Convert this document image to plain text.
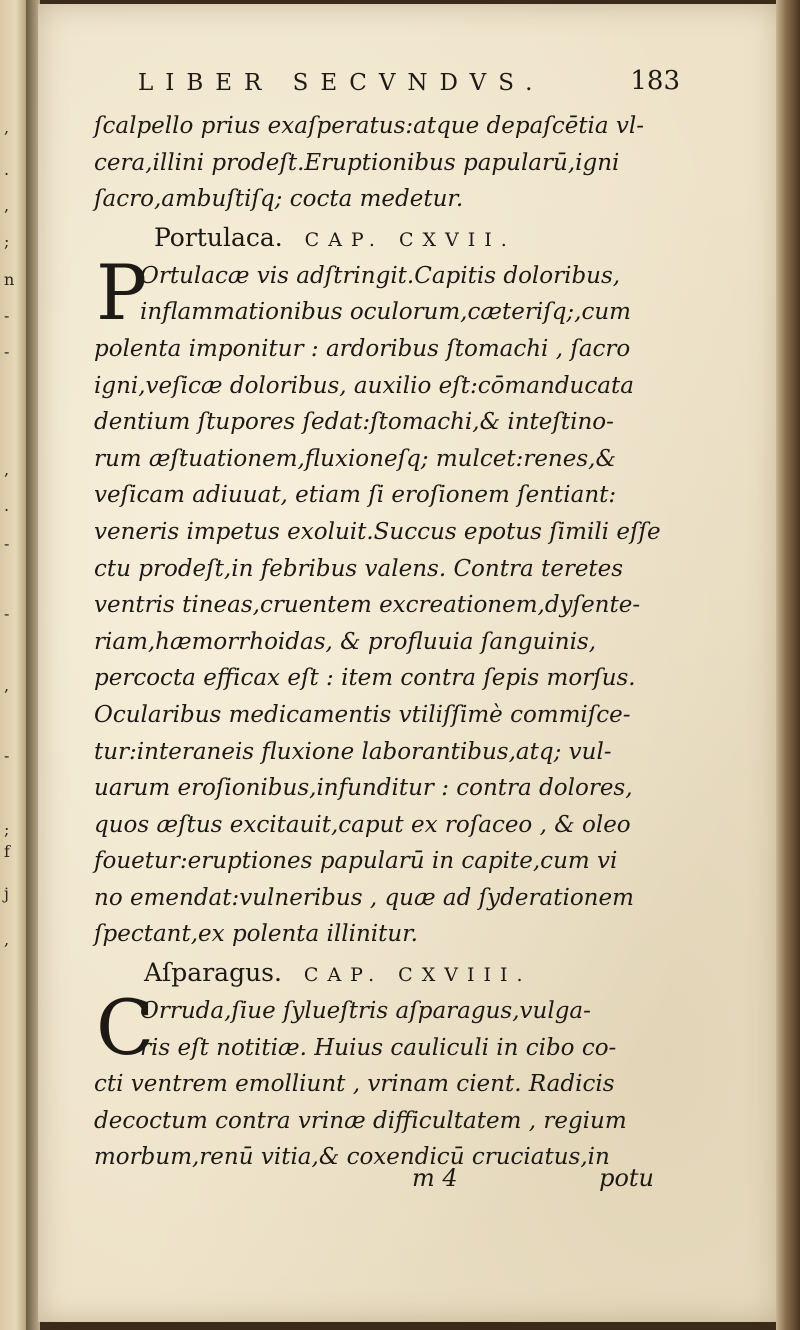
,
.
,
;
n
-
-
,
.
-
-
,
-
;
f
j
,
LIBER SECVNDVS.	183
ſcalpello prius exaſperatus:atque depaſcētia vl-
cera,illini prodeſt.Eruptionibus papularū,igni
ſacro,ambuſtiſq; cocta medetur.
Portulaca. CAP. CXVII.
P
Ortulacæ vis adſtringit.Capitis doloribus,
inflammationibus oculorum,cæteriſq;,cum
polenta imponitur : ardoribus ſtomachi , ſacro
igni,veſicæ doloribus, auxilio eſt:cōmanducata
dentium ſtupores ſedat:ſtomachi,& inteſtino-
rum æſtuationem,fluxioneſq; mulcet:renes,&
veſicam adiuuat, etiam ſi eroſionem ſentiant:
veneris impetus exoluit.Succus epotus ſimili eſſe
ctu prodeſt,in febribus valens. Contra teretes
ventris tineas,cruentem excreationem,dyſente-
riam,hæmorrhoidas, & profluuia ſanguinis,
percocta efficax eſt : item contra ſepis morſus.
Ocularibus medicamentis vtiliſſimè commiſce-
tur:interaneis fluxione laborantibus,atq; vul-
uarum eroſionibus,infunditur : contra dolores,
quos æſtus excitauit,caput ex roſaceo , & oleo
fouetur:eruptiones papularū in capite,cum vi
no emendat:vulneribus , quæ ad ſyderationem
ſpectant,ex polenta illinitur.
Aſparagus. CAP. CXVIII.
C
Orruda,ſiue ſylueſtris aſparagus,vulga-
ris eſt notitiæ. Huius cauliculi in cibo co-
cti ventrem emolliunt , vrinam cient. Radicis
decoctum contra vrinæ difficultatem , regium
morbum,renū vitia,& coxendicū cruciatus,in
m 4	potu
